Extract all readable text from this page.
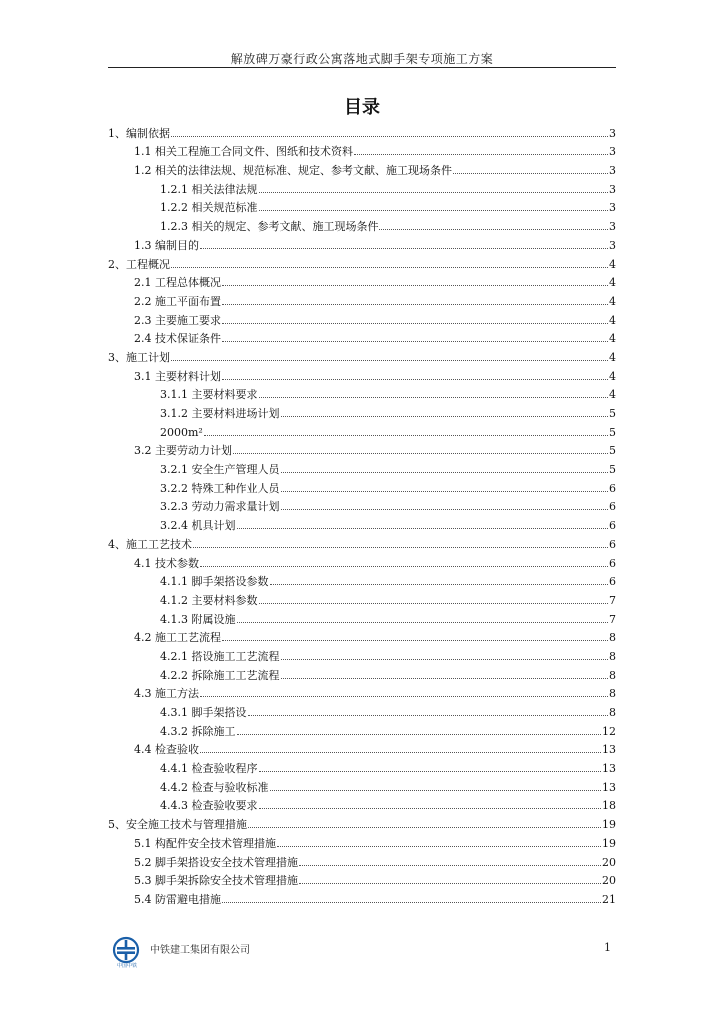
解放碑万豪行政公寓落地式脚手架专项施工方案
目录
1、编制依据	3
1.1 相关工程施工合同文件、图纸和技术资料	3
1.2 相关的法律法规、规范标准、规定、参考文献、施工现场条件	3
1.2.1 相关法律法规	3
1.2.2 相关规范标准	3
1.2.3 相关的规定、参考文献、施工现场条件	3
1.3 编制目的	3
2、工程概况	4
2.1 工程总体概况	4
2.2 施工平面布置	4
2.3 主要施工要求	4
2.4 技术保证条件	4
3、施工计划	4
3.1 主要材料计划	4
3.1.1 主要材料要求	4
3.1.2 主要材料进场计划	5
2000m²	5
3.2 主要劳动力计划	5
3.2.1 安全生产管理人员	5
3.2.2 特殊工种作业人员	6
3.2.3 劳动力需求量计划	6
3.2.4 机具计划	6
4、施工工艺技术	6
4.1 技术参数	6
4.1.1 脚手架搭设参数	6
4.1.2 主要材料参数	7
4.1.3 附属设施	7
4.2 施工工艺流程	8
4.2.1 搭设施工工艺流程	8
4.2.2 拆除施工工艺流程	8
4.3 施工方法	8
4.3.1 脚手架搭设	8
4.3.2 拆除施工	12
4.4 检查验收	13
4.4.1 检查验收程序	13
4.4.2 检查与验收标准	13
4.4.3 检查验收要求	18
5、安全施工技术与管理措施	19
5.1 构配件安全技术管理措施	19
5.2 脚手架搭设安全技术管理措施	20
5.3 脚手架拆除安全技术管理措施	20
5.4 防雷避电措施	21
中国中铁
中铁建工集团有限公司	1
